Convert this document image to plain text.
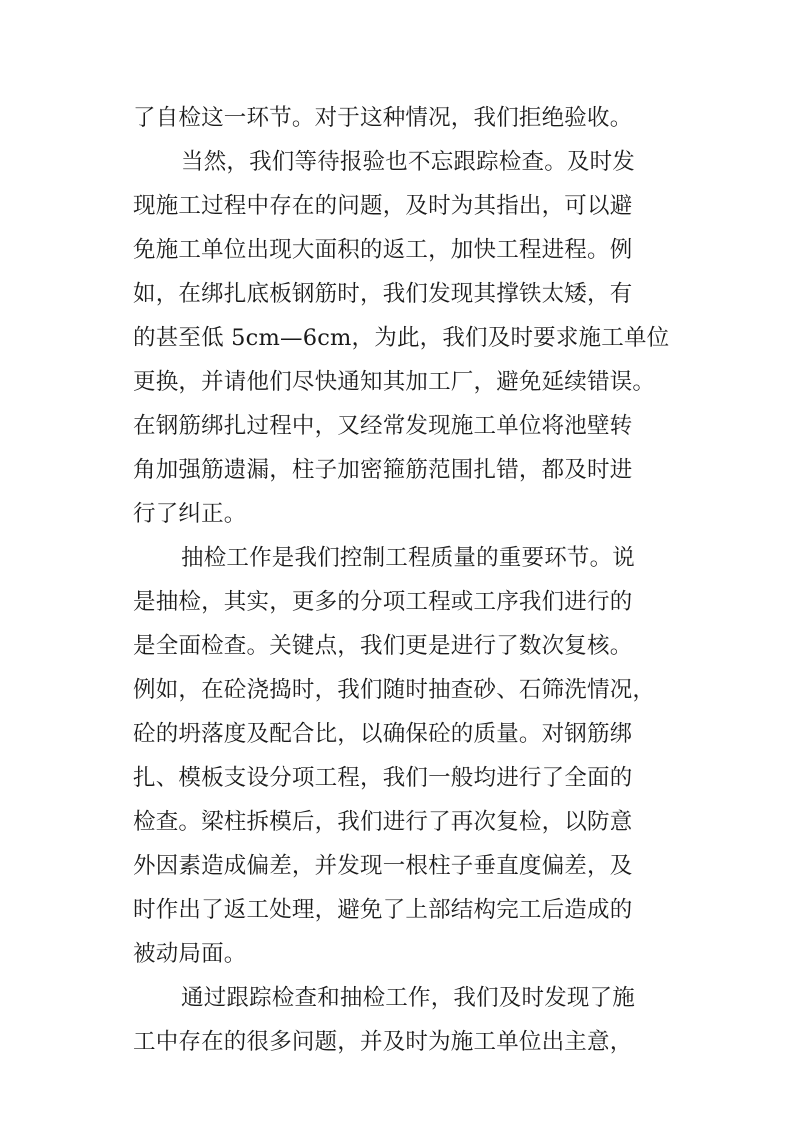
了自检这一环节。对于这种情况，我们拒绝验收。
当然，我们等待报验也不忘跟踪检查。及时发
现施工过程中存在的问题，及时为其指出，可以避
免施工单位出现大面积的返工，加快工程进程。例
如，在绑扎底板钢筋时，我们发现其撑铁太矮，有
的甚至低 5cm—6cm，为此，我们及时要求施工单位
更换，并请他们尽快通知其加工厂，避免延续错误。
在钢筋绑扎过程中，又经常发现施工单位将池壁转
角加强筋遗漏，柱子加密箍筋范围扎错，都及时进
行了纠正。
抽检工作是我们控制工程质量的重要环节。说
是抽检，其实，更多的分项工程或工序我们进行的
是全面检查。关键点，我们更是进行了数次复核。
例如，在砼浇捣时，我们随时抽查砂、石筛洗情况，
砼的坍落度及配合比，以确保砼的质量。对钢筋绑
扎、模板支设分项工程，我们一般均进行了全面的
检查。梁柱拆模后，我们进行了再次复检，以防意
外因素造成偏差，并发现一根柱子垂直度偏差，及
时作出了返工处理，避免了上部结构完工后造成的
被动局面。
通过跟踪检查和抽检工作，我们及时发现了施
工中存在的很多问题，并及时为施工单位出主意，
